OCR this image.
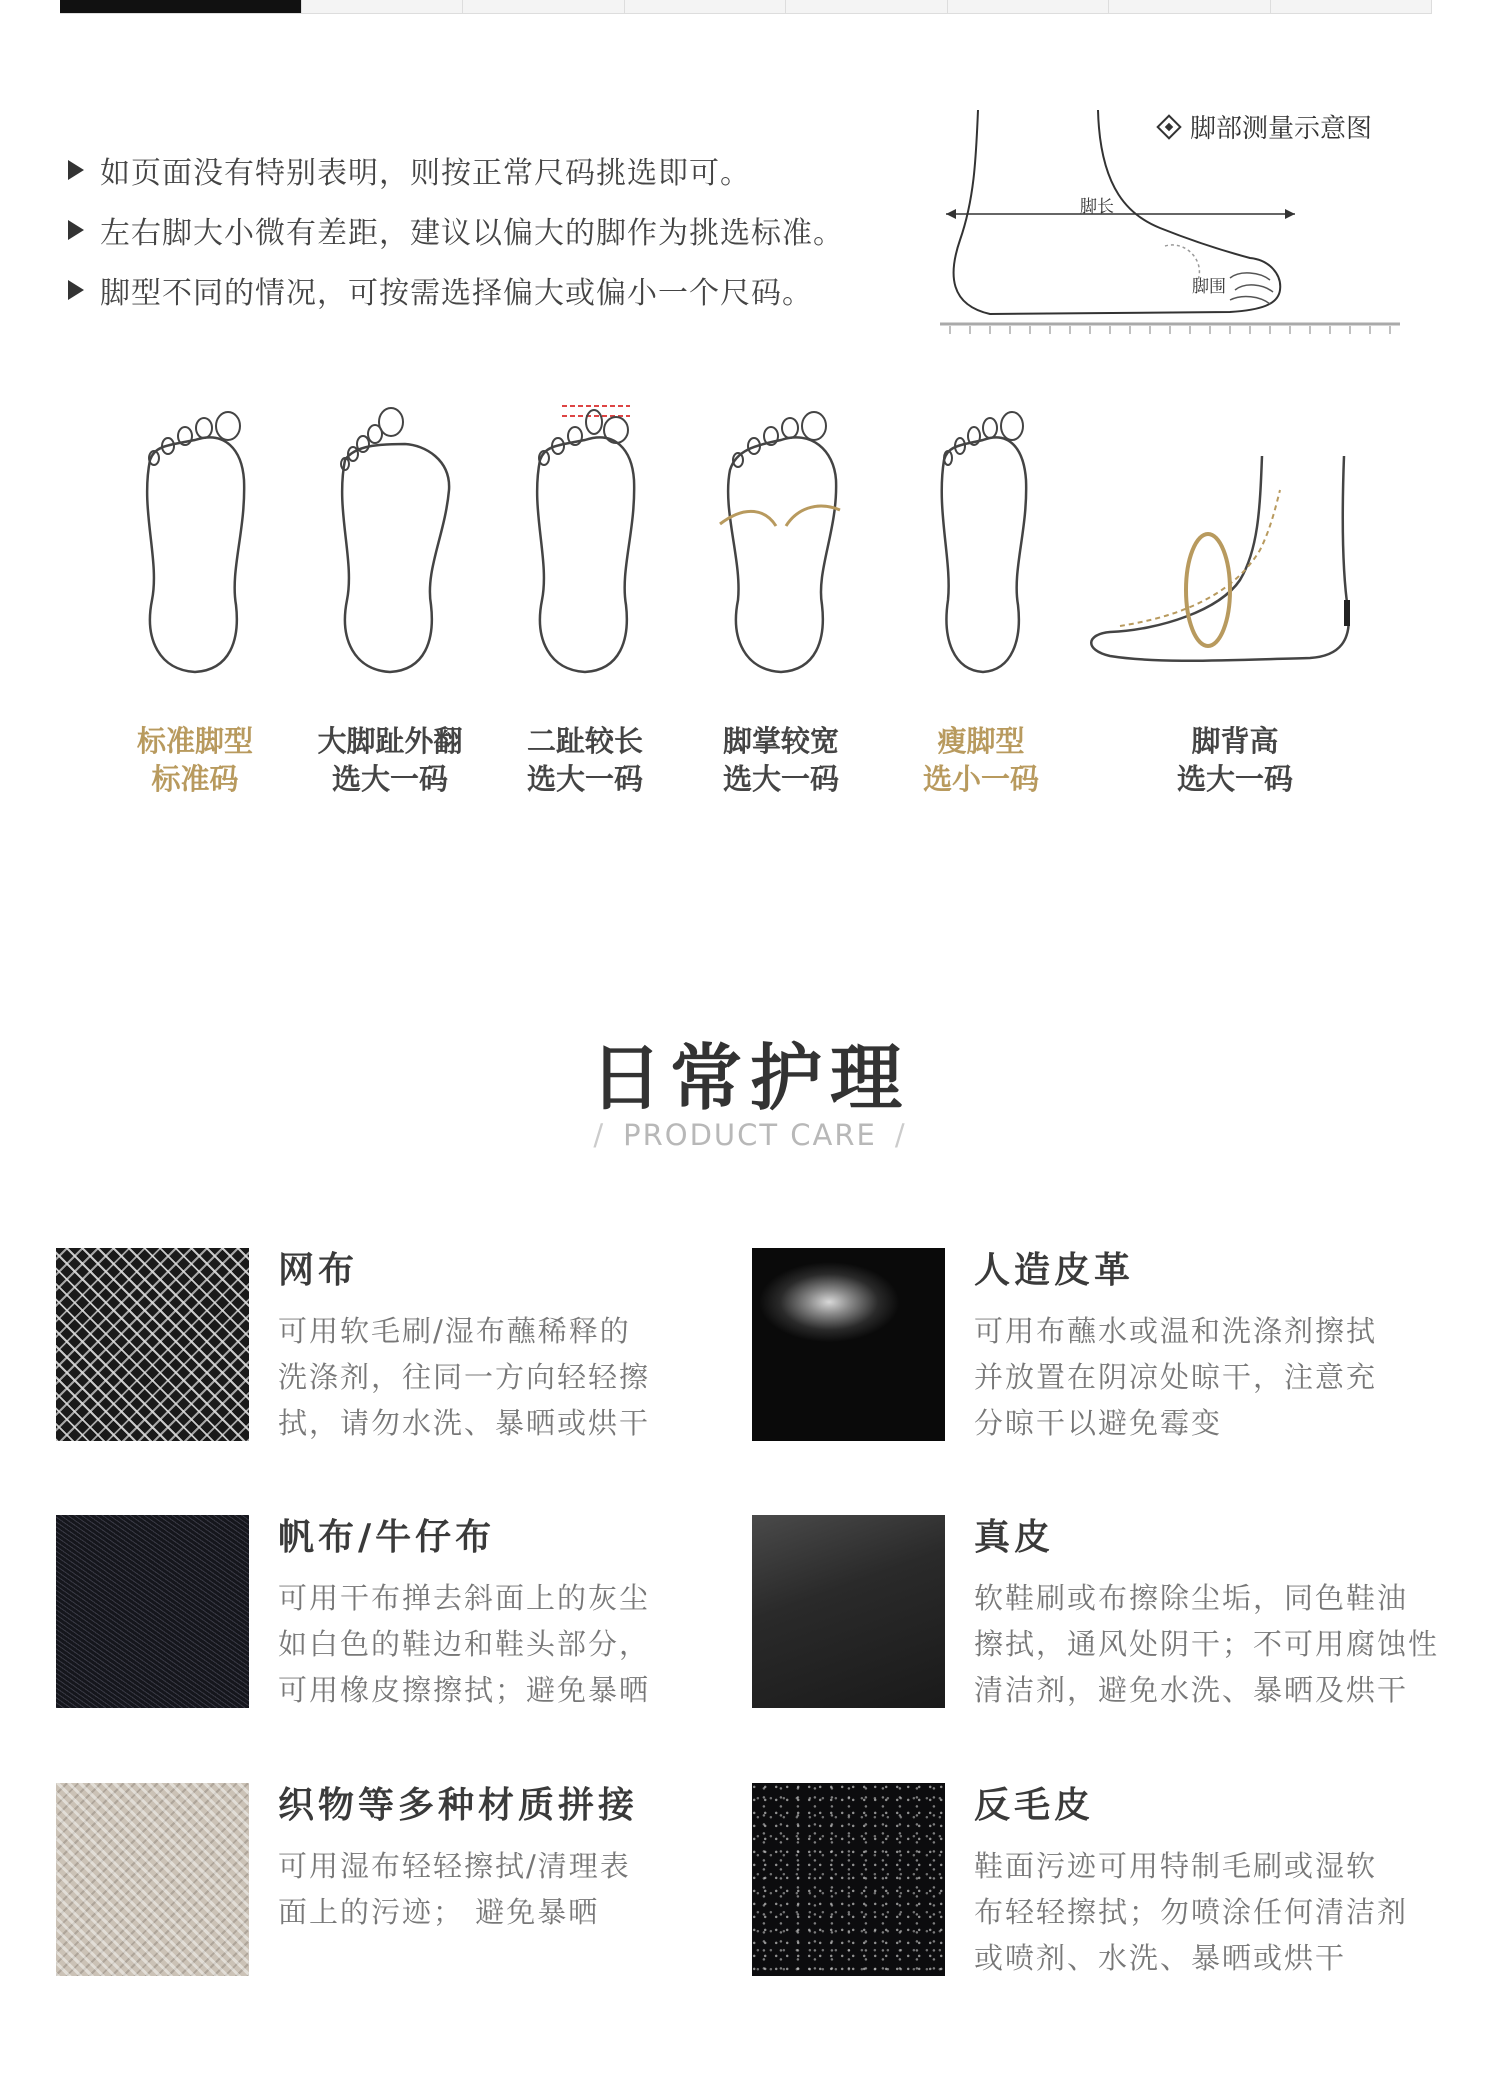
如页面没有特别表明，则按正常尺码挑选即可。
左右脚大小微有差距，建议以偏大的脚作为挑选标准。
脚型不同的情况，可按需选择偏大或偏小一个尺码。
脚部测量示意图
脚长
脚围
标准脚型
标准码
大脚趾外翻
选大一码
二趾较长
选大一码
脚掌较宽
选大一码
瘦脚型
选小一码
脚背高
选大一码
日常护理
/ PRODUCT CARE /
网布
可用软毛刷/湿布蘸稀释的
洗涤剂，往同一方向轻轻擦
拭，请勿水洗、暴晒或烘干
人造皮革
可用布蘸水或温和洗涤剂擦拭
并放置在阴凉处晾干，注意充
分晾干以避免霉变
帆布/牛仔布
可用干布掸去斜面上的灰尘
如白色的鞋边和鞋头部分，
可用橡皮擦擦拭；避免暴晒
真皮
软鞋刷或布擦除尘垢，同色鞋油
擦拭，通风处阴干；不可用腐蚀性
清洁剂，避免水洗、暴晒及烘干
织物等多种材质拼接
可用湿布轻轻擦拭/清理表
面上的污迹； 避免暴晒
反毛皮
鞋面污迹可用特制毛刷或湿软
布轻轻擦拭；勿喷涂任何清洁剂
或喷剂、水洗、暴晒或烘干
